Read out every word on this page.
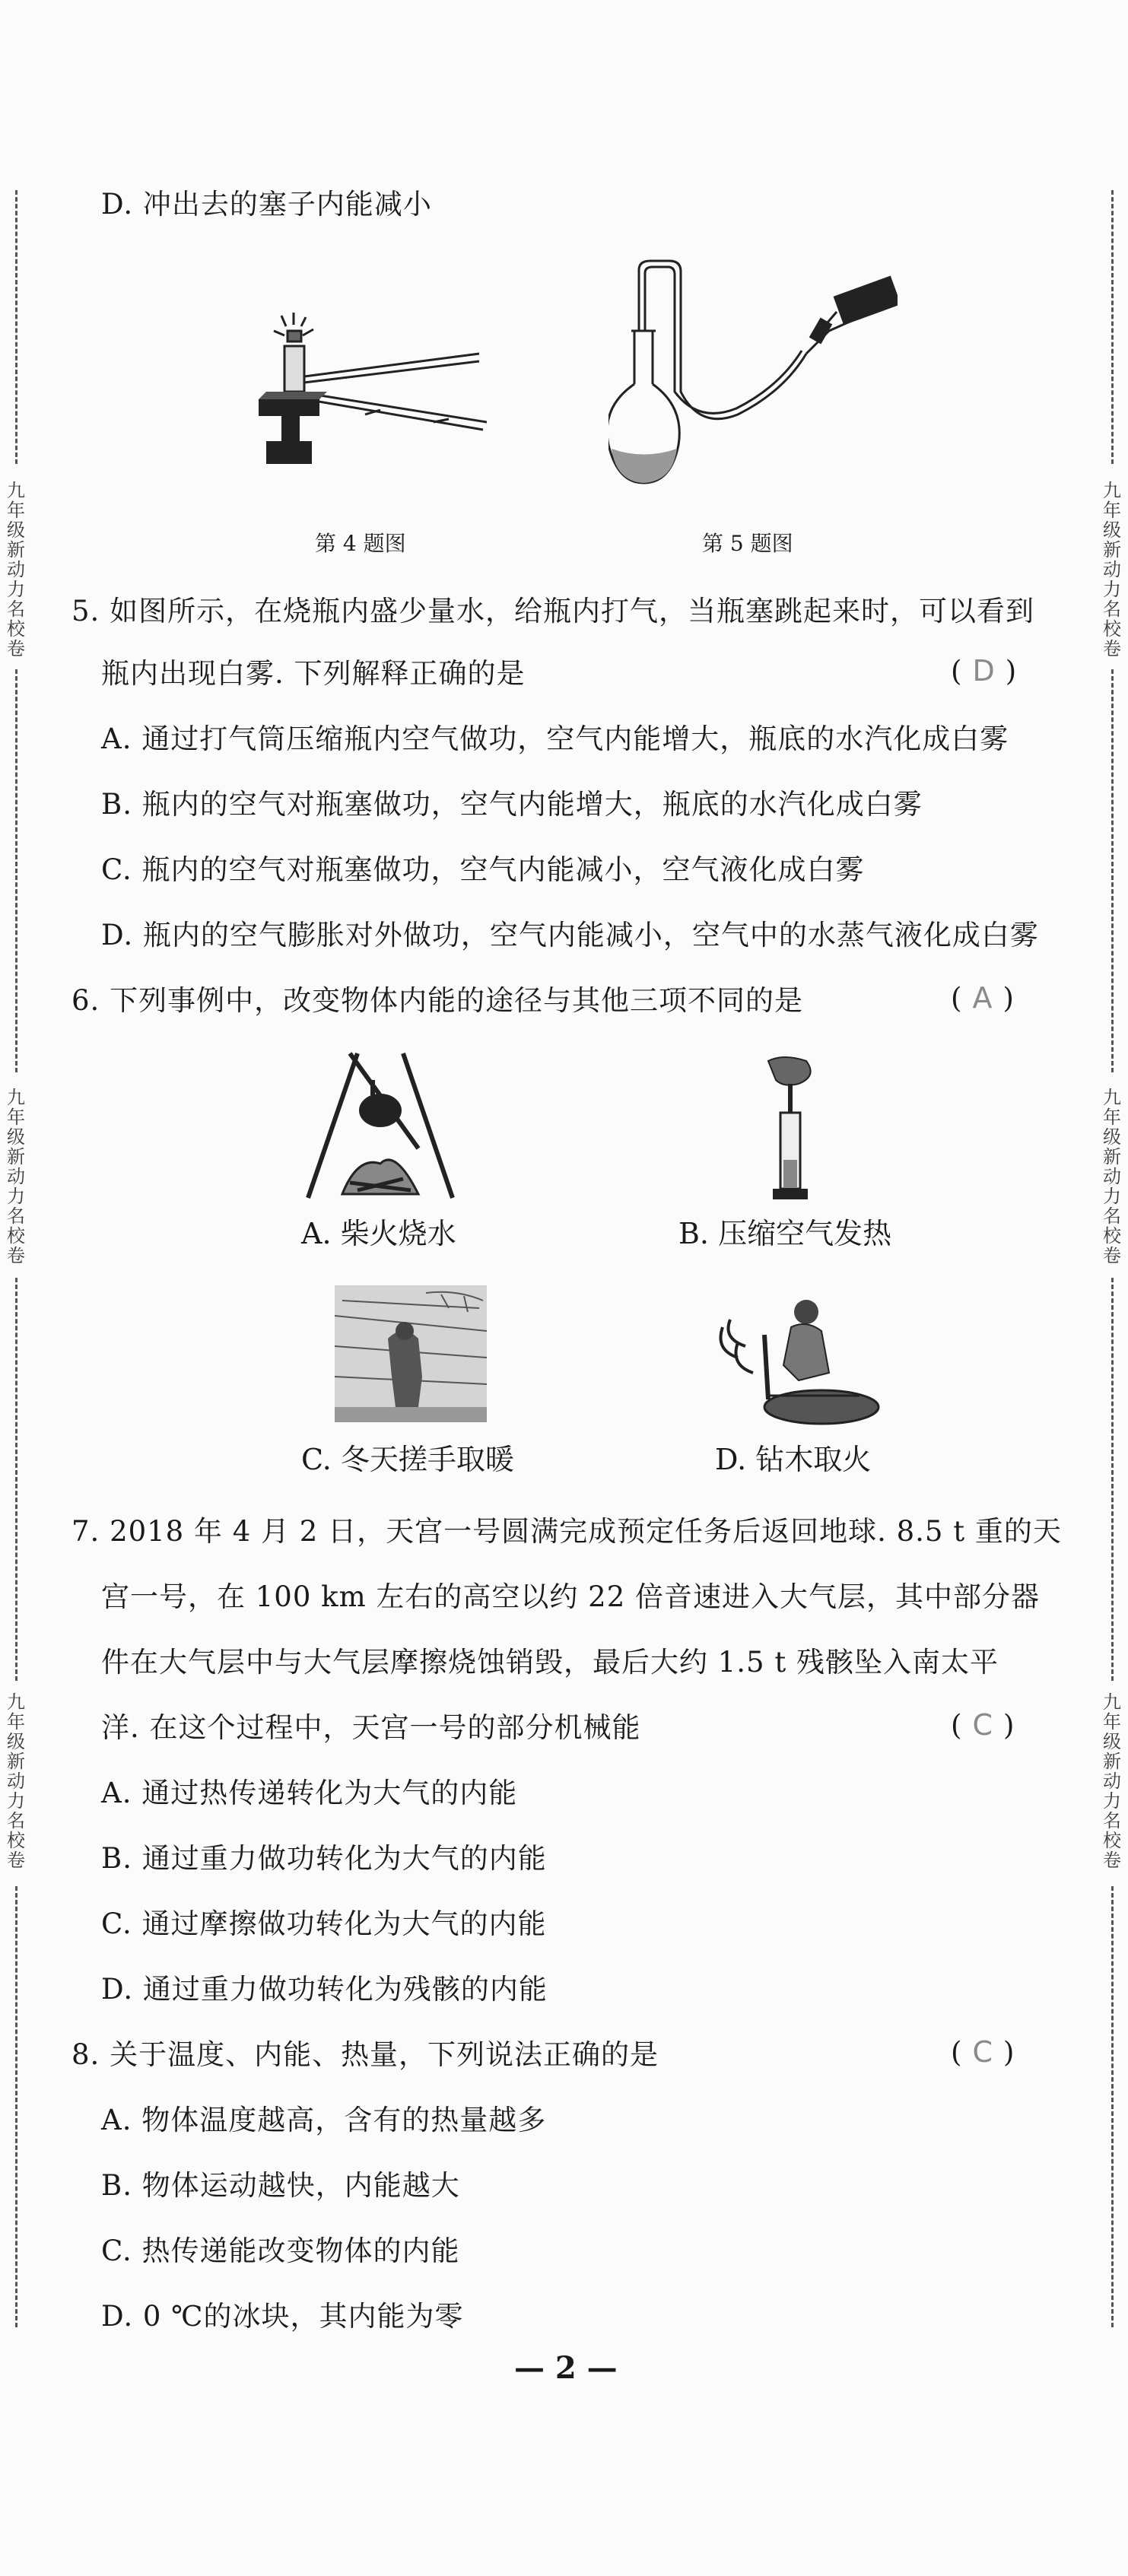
九年级新动力名校卷
九年级新动力名校卷
九年级新动力名校卷
九年级新动力名校卷
九年级新动力名校卷
九年级新动力名校卷
D. 冲出去的塞子内能减小
第 4 题图	第 5 题图
5. 如图所示，在烧瓶内盛少量水，给瓶内打气，当瓶塞跳起来时，可以看到
瓶内出现白雾. 下列解释正确的是	( D )
A. 通过打气筒压缩瓶内空气做功，空气内能增大，瓶底的水汽化成白雾
B. 瓶内的空气对瓶塞做功，空气内能增大，瓶底的水汽化成白雾
C. 瓶内的空气对瓶塞做功，空气内能减小，空气液化成白雾
D. 瓶内的空气膨胀对外做功，空气内能减小，空气中的水蒸气液化成白雾
6. 下列事例中，改变物体内能的途径与其他三项不同的是	( A )
A. 柴火烧水	B. 压缩空气发热
C. 冬天搓手取暖	D. 钻木取火
7. 2018 年 4 月 2 日，天宫一号圆满完成预定任务后返回地球. 8.5 t 重的天
宫一号，在 100 km 左右的高空以约 22 倍音速进入大气层，其中部分器
件在大气层中与大气层摩擦烧蚀销毁，最后大约 1.5 t 残骸坠入南太平
洋. 在这个过程中，天宫一号的部分机械能	( C )
A. 通过热传递转化为大气的内能
B. 通过重力做功转化为大气的内能
C. 通过摩擦做功转化为大气的内能
D. 通过重力做功转化为残骸的内能
8. 关于温度、内能、热量，下列说法正确的是	( C )
A. 物体温度越高，含有的热量越多
B. 物体运动越快，内能越大
C. 热传递能改变物体的内能
D. 0 ℃的冰块，其内能为零
— 2 —
